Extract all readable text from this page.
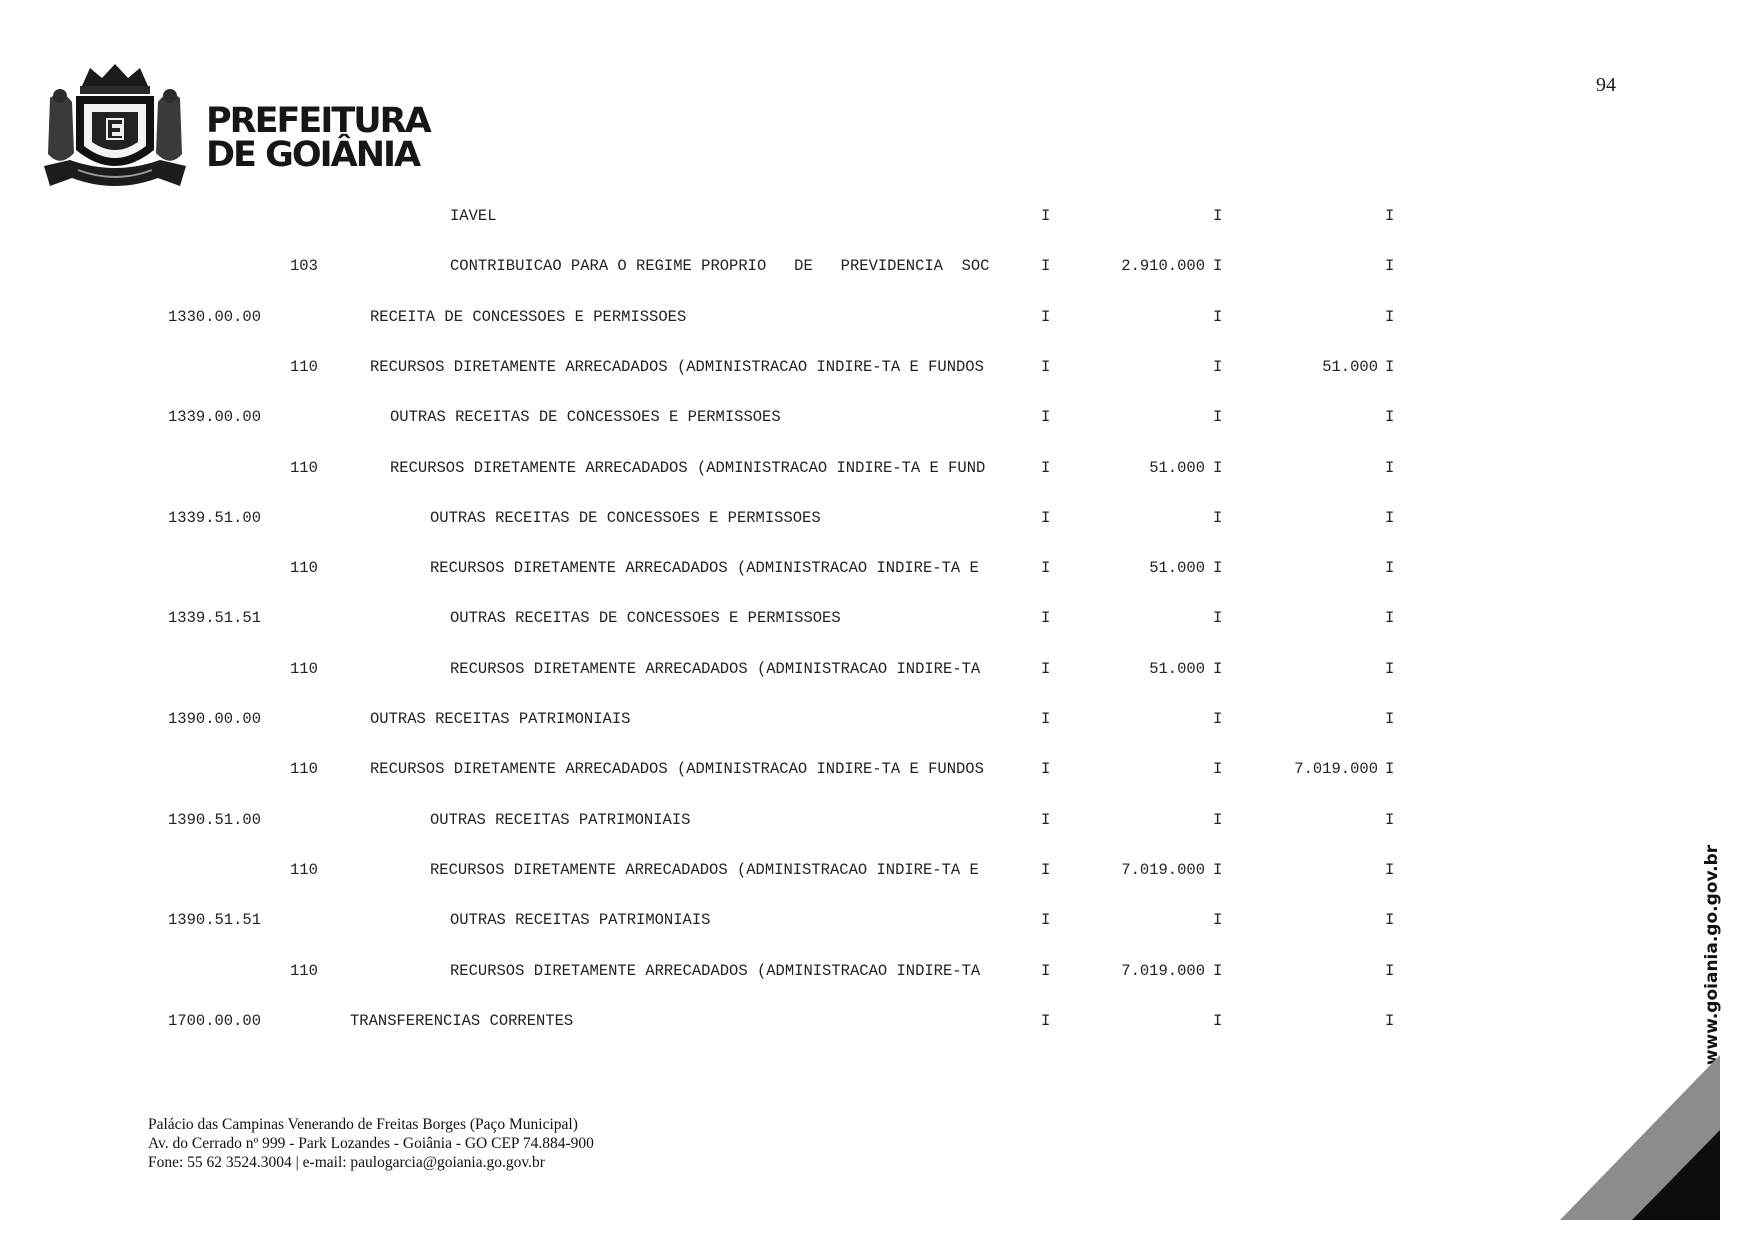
PREFEITURA
DE GOIÂNIA
94
IAVEL	I	I	I
103	CONTRIBUICAO PARA O REGIME PROPRIO   DE   PREVIDENCIA  SOC	I	2.910.000 I	I
1330.00.00	RECEITA DE CONCESSOES E PERMISSOES	I	I	I
110	RECURSOS DIRETAMENTE ARRECADADOS (ADMINISTRACAO INDIRE-TA E FUNDOS	I	I	51.000 I
1339.00.00	OUTRAS RECEITAS DE CONCESSOES E PERMISSOES	I	I	I
110	RECURSOS DIRETAMENTE ARRECADADOS (ADMINISTRACAO INDIRE-TA E FUND	I	51.000 I	I
1339.51.00	OUTRAS RECEITAS DE CONCESSOES E PERMISSOES	I	I	I
110	RECURSOS DIRETAMENTE ARRECADADOS (ADMINISTRACAO INDIRE-TA E	I	51.000 I	I
1339.51.51	OUTRAS RECEITAS DE CONCESSOES E PERMISSOES	I	I	I
110	RECURSOS DIRETAMENTE ARRECADADOS (ADMINISTRACAO INDIRE-TA	I	51.000 I	I
1390.00.00	OUTRAS RECEITAS PATRIMONIAIS	I	I	I
110	RECURSOS DIRETAMENTE ARRECADADOS (ADMINISTRACAO INDIRE-TA E FUNDOS	I	I	7.019.000 I
1390.51.00	OUTRAS RECEITAS PATRIMONIAIS	I	I	I
110	RECURSOS DIRETAMENTE ARRECADADOS (ADMINISTRACAO INDIRE-TA E	I	7.019.000 I	I
1390.51.51	OUTRAS RECEITAS PATRIMONIAIS	I	I	I
110	RECURSOS DIRETAMENTE ARRECADADOS (ADMINISTRACAO INDIRE-TA	I	7.019.000 I	I
1700.00.00	TRANSFERENCIAS CORRENTES	I	I	I
Palácio das Campinas Venerando de Freitas Borges (Paço Municipal)
Av. do Cerrado nº 999 - Park Lozandes - Goiânia - GO CEP 74.884-900
Fone: 55 62 3524.3004 | e-mail: paulogarcia@goiania.go.gov.br
www.goiania.go.gov.br
